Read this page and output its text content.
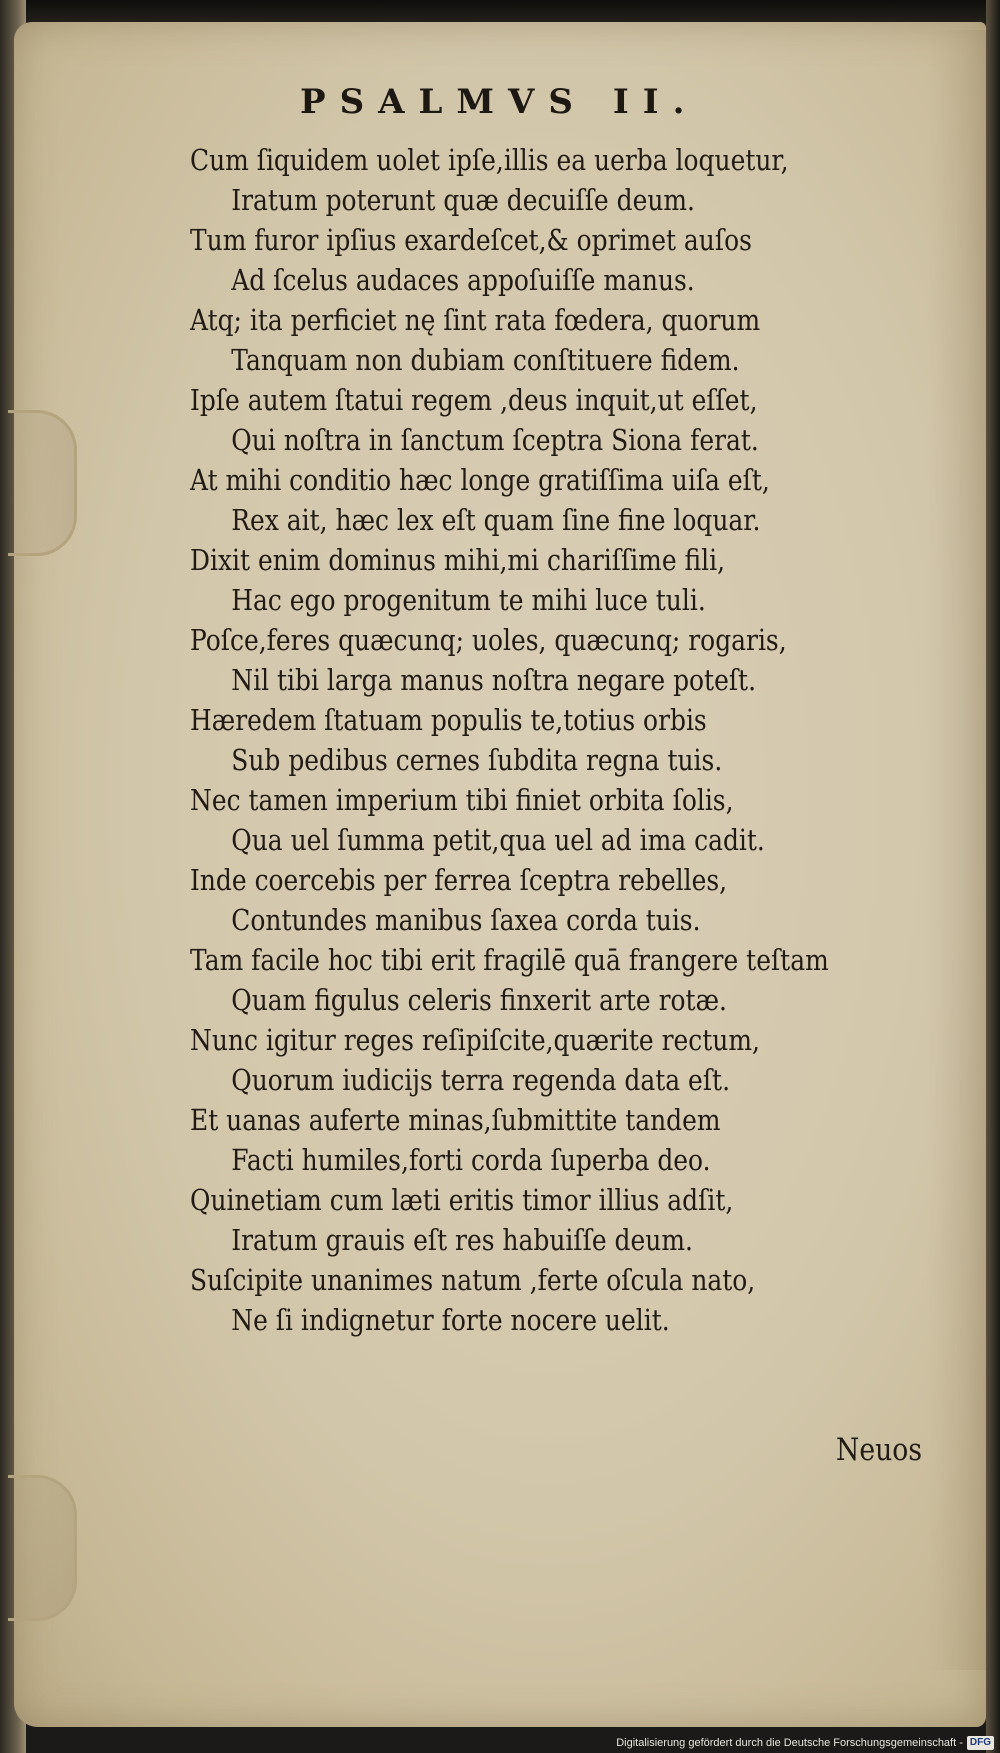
PSALMVS II.
Cum ſiquidem uolet ipſe,illis ea uerba loquetur,
Iratum poterunt quæ decuiſſe deum.
Tum furor ipſius exardeſcet,& oprimet auſos
Ad ſcelus audaces appoſuiſſe manus.
Atq; ita perficiet nę ſint rata fœdera, quorum
Tanquam non dubiam conſtituere fidem.
Ipſe autem ſtatui regem ,deus inquit,ut eſſet,
Qui noſtra in ſanctum ſceptra Siona ferat.
At mihi conditio hæc longe gratiſſima uiſa eſt,
Rex ait, hæc lex eſt quam ſine fine loquar.
Dixit enim dominus mihi,mi chariſſime fili,
Hac ego progenitum te mihi luce tuli.
Poſce,feres quæcunq; uoles, quæcunq; rogaris,
Nil tibi larga manus noſtra negare poteſt.
Hæredem ſtatuam populis te,totius orbis
Sub pedibus cernes ſubdita regna tuis.
Nec tamen imperium tibi finiet orbita ſolis,
Qua uel ſumma petit,qua uel ad ima cadit.
Inde coercebis per ferrea ſceptra rebelles,
Contundes manibus ſaxea corda tuis.
Tam facile hoc tibi erit fragilē quā frangere teſtam
Quam figulus celeris finxerit arte rotæ.
Nunc igitur reges reſipiſcite,quærite rectum,
Quorum iudicijs terra regenda data eſt.
Et uanas auferte minas,ſubmittite tandem
Facti humiles,forti corda ſuperba deo.
Quinetiam cum læti eritis timor illius adſit,
Iratum grauis eſt res habuiſſe deum.
Suſcipite unanimes natum ,ferte oſcula nato,
Ne ſi indignetur forte nocere uelit.
Neuos
Digitalisierung gefördert durch die Deutsche Forschungsgemeinschaft - DFG
